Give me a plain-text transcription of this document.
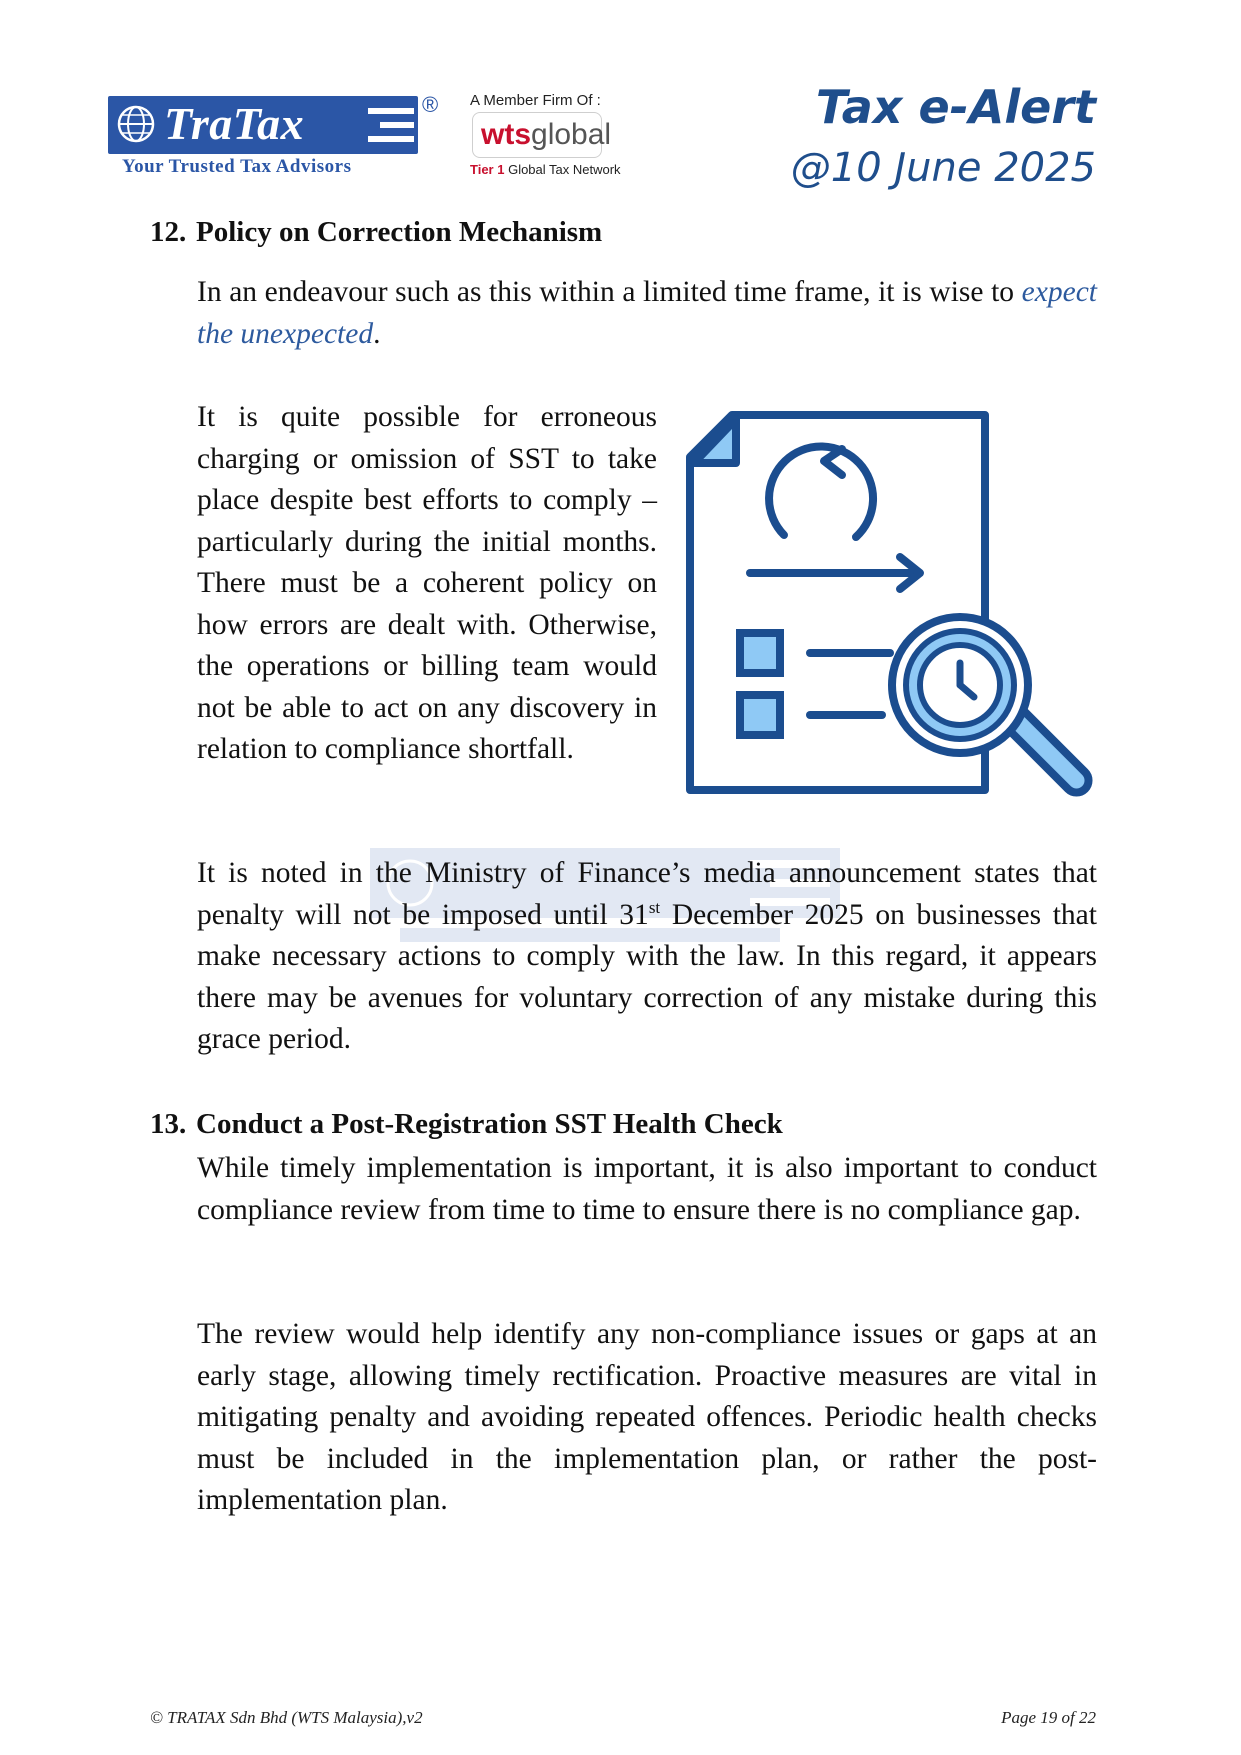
TraTax	®
Your Trusted Tax Advisors
A Member Firm Of :
wtsglobal
Tier 1 Global Tax Network
Tax e-Alert
@10 June 2025
12. Policy on Correction Mechanism

In an endeavour such as this within a limited time frame, it is wise to expect the unexpected.

It is quite possible for erroneous charging or omission of SST to take place despite best efforts to comply – particularly during the initial months. There must be a coherent policy on how errors are dealt with. Otherwise, the operations or billing team would not be able to act on any discovery in relation to compliance shortfall.

It is noted in the Ministry of Finance’s media announcement states that penalty will not be imposed until 31st December 2025 on businesses that make necessary actions to comply with the law. In this regard, it appears there may be avenues for voluntary correction of any mistake during this grace period.

13. Conduct a Post-Registration SST Health Check

While timely implementation is important, it is also important to conduct compliance review from time to time to ensure there is no compliance gap.

The review would help identify any non-compliance issues or gaps at an early stage, allowing timely rectification. Proactive measures are vital in mitigating penalty and avoiding repeated offences. Periodic health checks must be included in the implementation plan, or rather the post-implementation plan.

© TRATAX Sdn Bhd (WTS Malaysia),v2	Page 19 of 22
